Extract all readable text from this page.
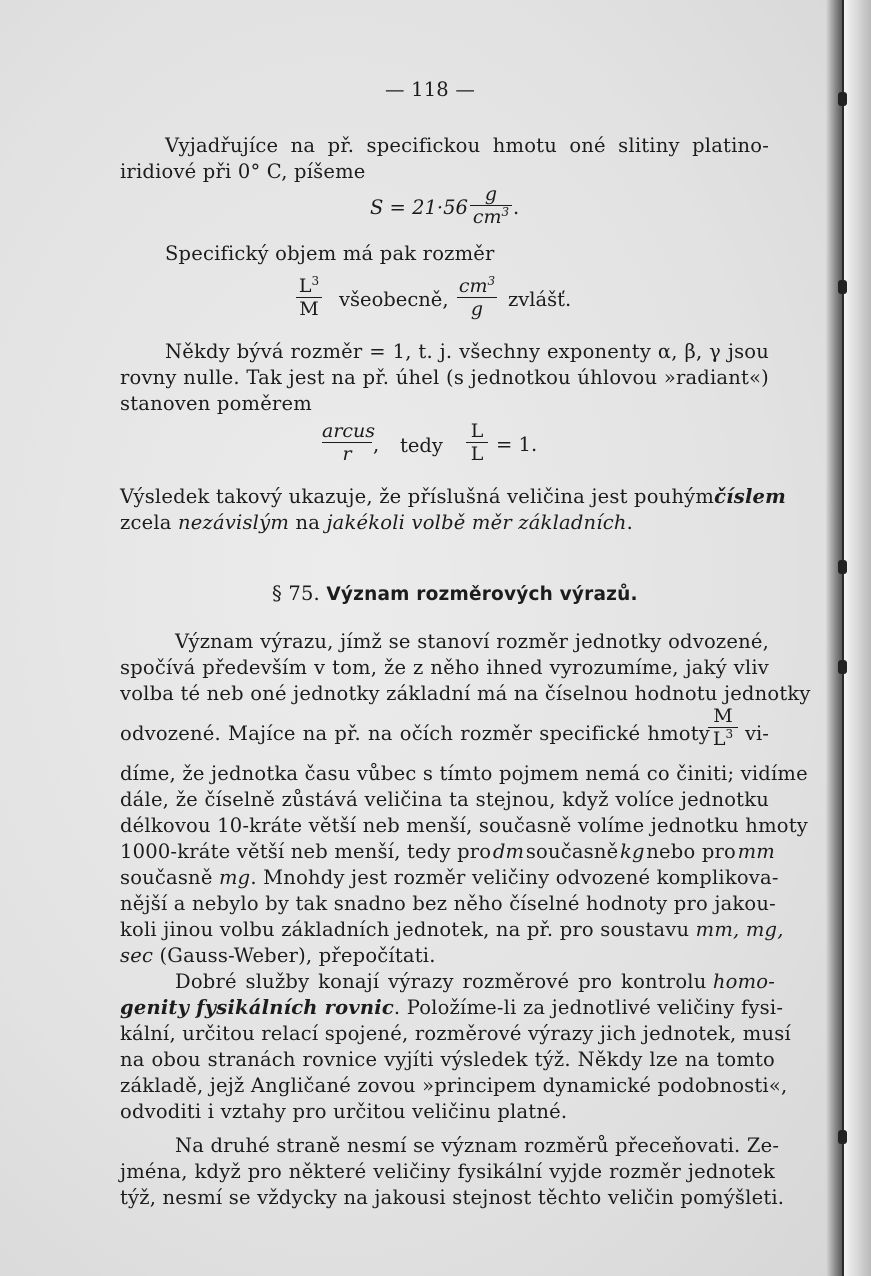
— 118 —
Vyjadřujíce na př. specifickou hmotu oné slitiny platino-
iridiové při 0° C, píšeme
S = 21·56
g
$cm^3$ .
Specifický objem má pak rozměr
$L^3$
M všeobecně,
$cm^3$
g	zvlášť.
Někdy bývá rozměr = 1, t. j. všechny exponenty α, β, γ jsou
rovny nulle. Tak jest na př. úhel (s jednotkou úhlovou »radiant«)
stanoven poměrem
arcus
r	, tedy
L
L = 1.
Výsledek takový ukazuje, že příslušná veličina jest pouhým číslem
zcela nezávislým na jakékoli volbě měr základních.
§ 75. Význam rozměrových výrazů.
Význam výrazu, jímž se stanoví rozměr jednotky odvozené,
spočívá především v tom, že z něho ihned vyrozumíme, jaký vliv
volba té neb oné jednotky základní má na číselnou hodnotu jednotky
odvozené. Majíce na př. na očích rozměr specifické hmoty
M
$L^3$ vi-
díme, že jednotka času vůbec s tímto pojmem nemá co činiti; vidíme
dále, že číselně zůstává veličina ta stejnou, když volíce jednotku
délkovou 10-kráte větší neb menší, současně volíme jednotku hmoty
1000-kráte větší neb menší, tedy pro dm současně kg nebo pro mm
současně
mg . Mnohdy jest rozměr veličiny odvozené komplikova-
nější a nebylo by tak snadno bez něho číselné hodnoty pro jakou-
koli jinou volbu základních jednotek, na př. pro soustavu
mm, mg,
sec (Gauss-Weber), přepočítati.
Dobré služby konají výrazy rozměrové pro kontrolu
homo-
genity fysikálních rovnic . Položíme-li za jednotlivé veličiny fysi-
kální, určitou relací spojené, rozměrové výrazy jich jednotek, musí
na obou stranách rovnice vyjíti výsledek týž. Někdy lze na tomto
základě, jejž Angličané zovou »principem dynamické podobnosti«,
odvoditi i vztahy pro určitou veličinu platné.
Na druhé straně nesmí se význam rozměrů přeceňovati. Ze-
jména, když pro některé veličiny fysikální vyjde rozměr jednotek
týž, nesmí se vždycky na jakousi stejnost těchto veličin pomýšleti.
